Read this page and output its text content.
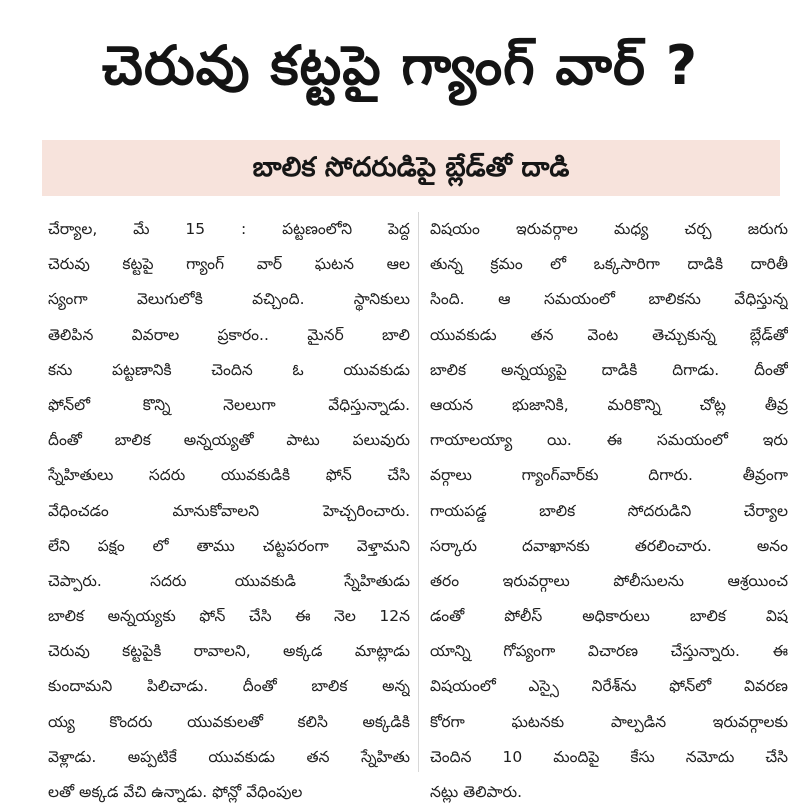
చెరువు కట్టపై గ్యాంగ్ వార్ ?
బాలిక సోదరుడిపై బ్లేడ్‌తో దాడి
చేర్యాల, మే 15 : పట్టణంలోని పెద్ద
చెరువు కట్టపై గ్యాంగ్ వార్ ఘటన ఆల
స్యంగా వెలుగులోకి వచ్చింది. స్థానికులు
తెలిపిన వివరాల ప్రకారం.. మైనర్ బాలి
కను పట్టణానికి చెందిన ఓ యువకుడు
ఫోన్‌లో కొన్ని నెలలుగా వేధిస్తున్నాడు.
దీంతో బాలిక అన్నయ్యతో పాటు పలువురు
స్నేహితులు సదరు యువకుడికి ఫోన్ చేసి
వేధించడం మానుకోవాలని హెచ్చరించారు.
లేని పక్షం లో తాము చట్టపరంగా వెళ్తామని
చెప్పారు. సదరు యువకుడి స్నేహితుడు
బాలిక అన్నయ్యకు ఫోన్ చేసి ఈ నెల 12న
చెరువు కట్టపైకి రావాలని, అక్కడ మాట్లాడు
కుందామని పిలిచాడు. దీంతో బాలిక అన్న
య్య కొందరు యువకులతో కలిసి అక్కడికి
వెళ్లాడు. అప్పటికే యువకుడు తన స్నేహితు
లతో అక్కడ వేచి ఉన్నాడు. ఫోన్లో వేధింపుల
విషయం ఇరువర్గాల మధ్య చర్చ జరుగు
తున్న క్రమం లో ఒక్కసారిగా దాడికి దారితీ
సింది. ఆ సమయంలో బాలికను వేధిస్తున్న
యువకుడు తన వెంట తెచ్చుకున్న బ్లేడ్‌తో
బాలిక అన్నయ్యపై దాడికి దిగాడు. దీంతో
ఆయన భుజానికి, మరికొన్ని చోట్ల తీవ్ర
గాయాలయ్యా యి. ఈ సమయంలో ఇరు
వర్గాలు గ్యాంగ్‌వార్‌కు దిగారు. తీవ్రంగా
గాయపడ్డ బాలిక సోదరుడిని చేర్యాల
సర్కారు దవాఖానకు తరలించారు. అనం
తరం ఇరువర్గాలు పోలీసులను ఆశ్రయించ
డంతో పోలీస్ అధికారులు బాలిక విష
యాన్ని గోప్యంగా విచారణ చేస్తున్నారు. ఈ
విషయంలో ఎస్సై నిరేశ్‌ను ఫోన్‌లో వివరణ
కోరగా ఘటనకు పాల్పడిన ఇరువర్గాలకు
చెందిన 10 మందిపై కేసు నమోదు చేసి
నట్లు తెలిపారు.
